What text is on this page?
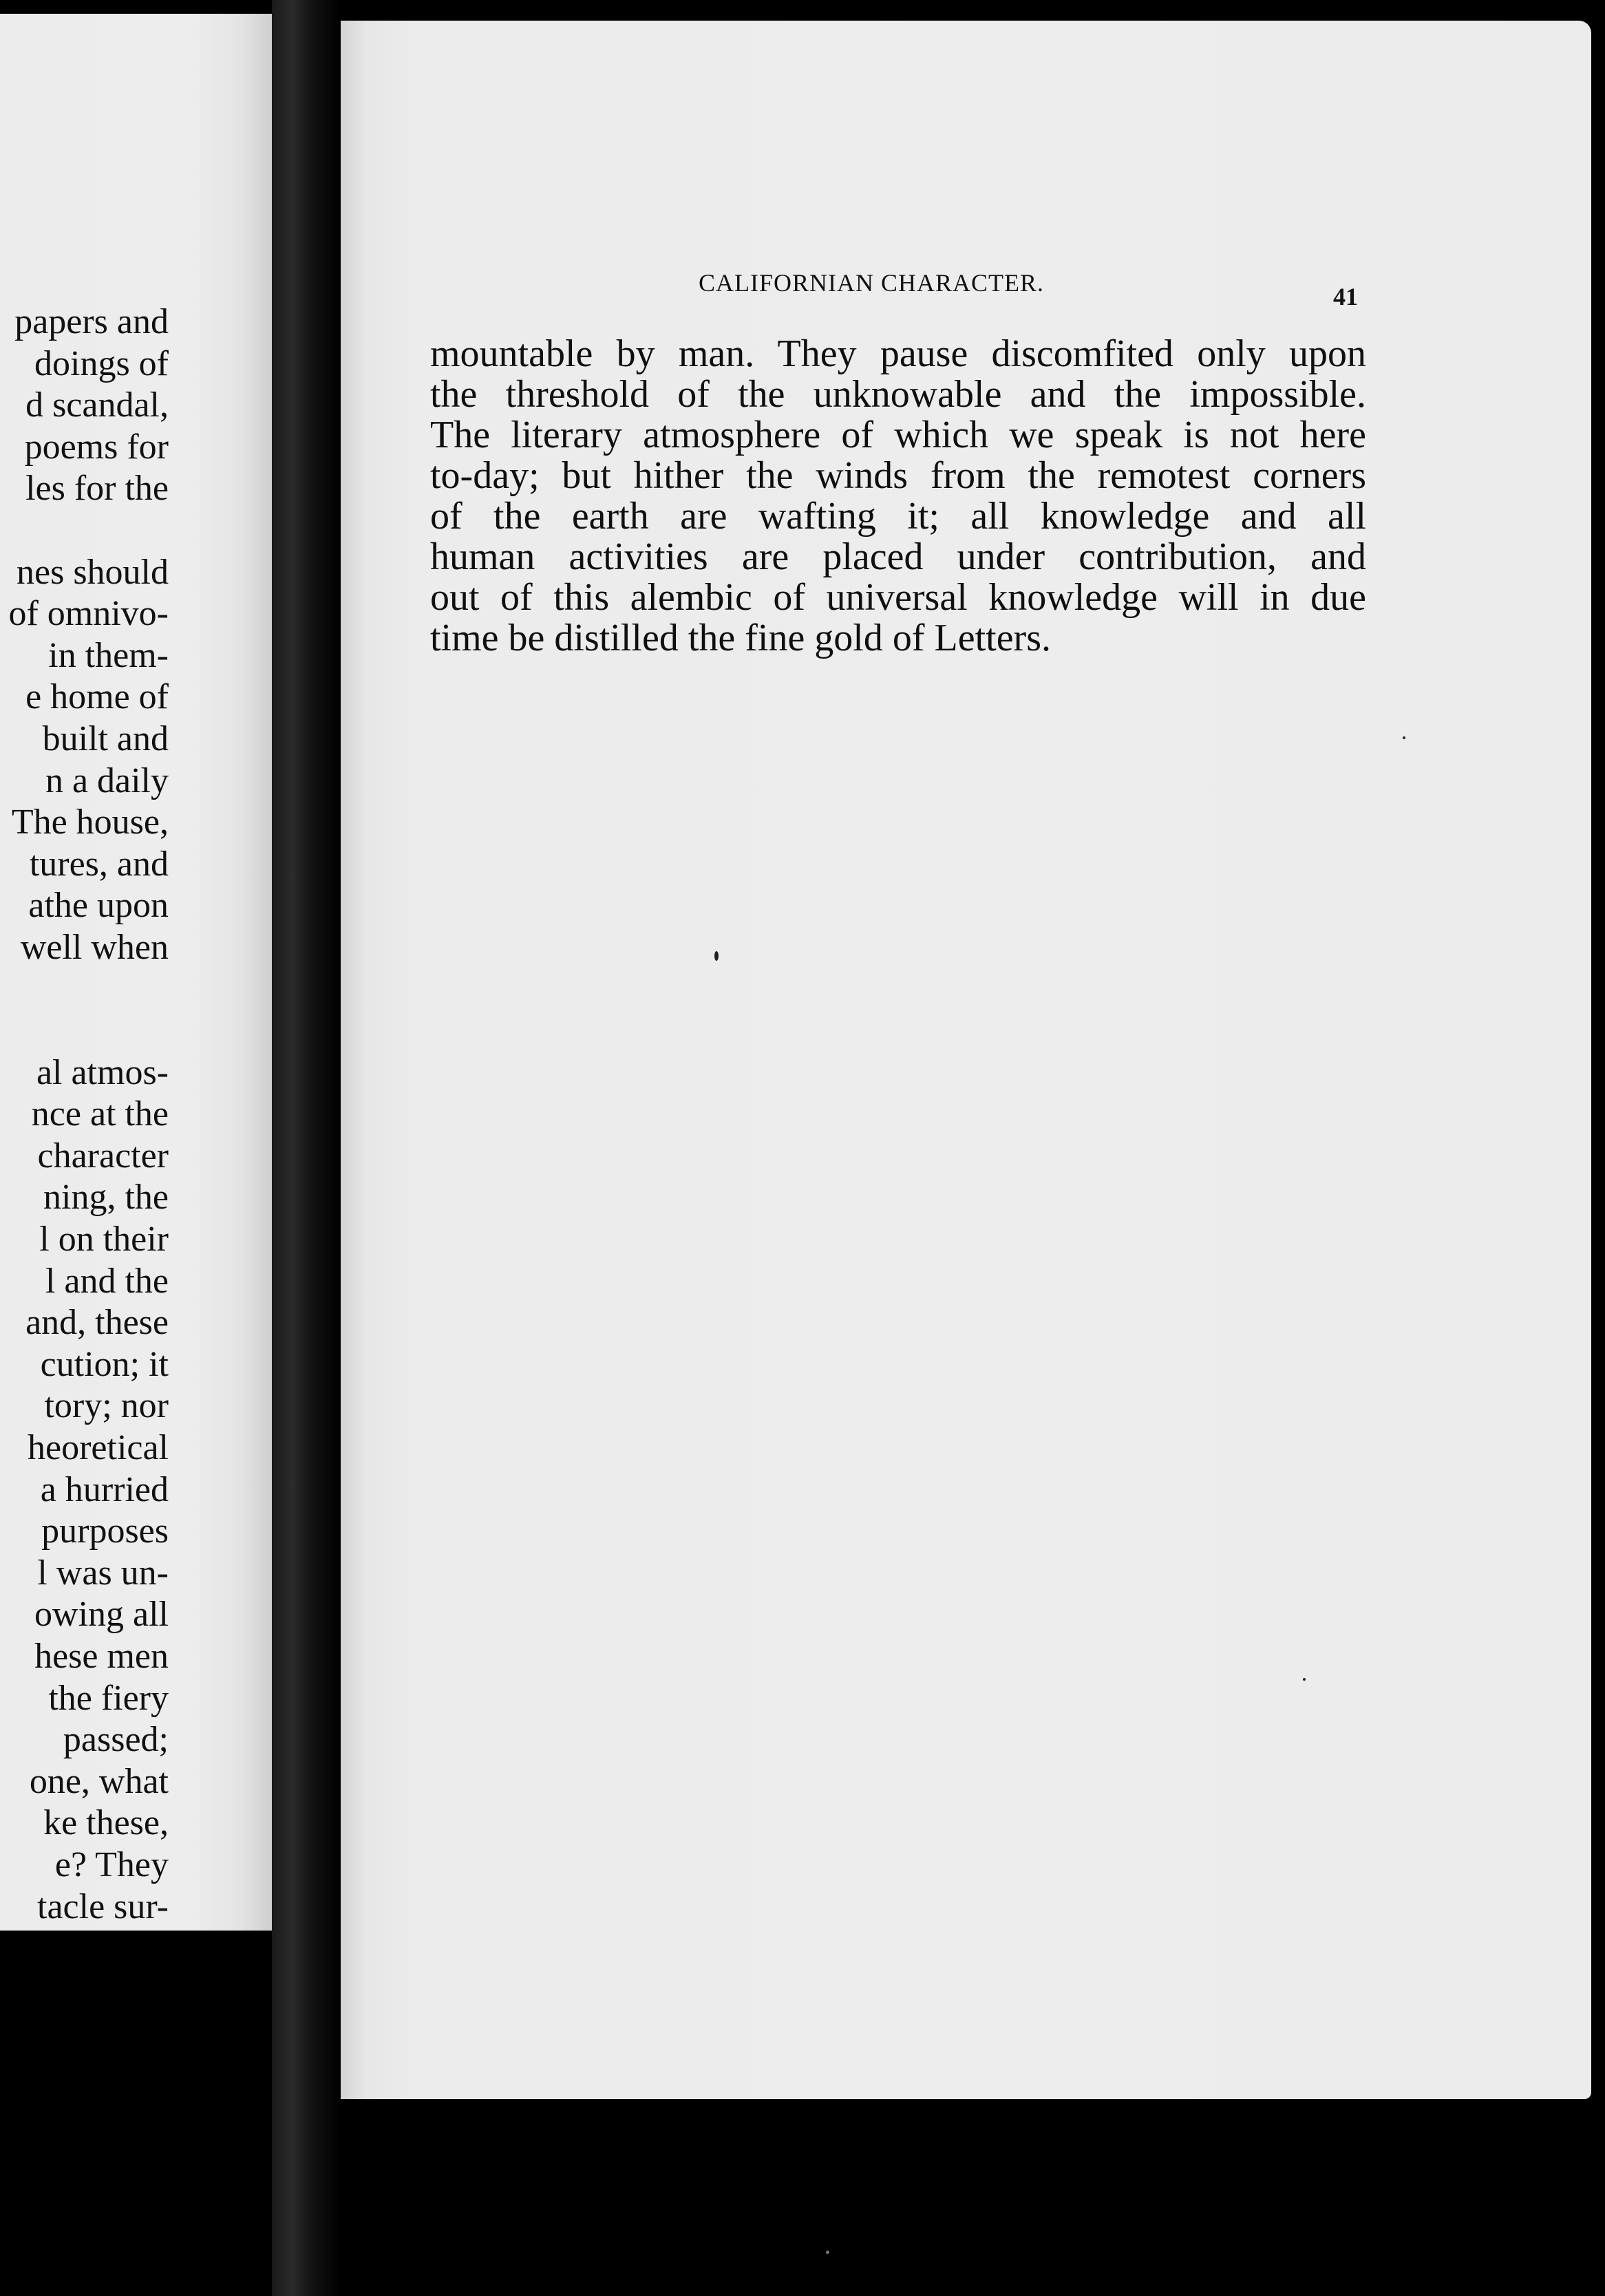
papers and
doings of
d scandal,
poems for
les for the
nes should
of omnivo-
in them-
e home of
built and
n a daily
The house,
tures, and
athe upon
well when
al atmos-
nce at the
character
ning, the
l on their
l and the
and, these
cution; it
tory; nor
heoretical
a hurried
purposes
l was un-
owing all
hese men
the fiery
passed;
one, what
ke these,
e? They
tacle sur-
CALIFORNIAN CHARACTER.	41
mountable by man. They pause discomfited only upon
the threshold of the unknowable and the impossible.
The literary atmosphere of which we speak is not here
to-day; but hither the winds from the remotest corners
of the earth are wafting it; all knowledge and all
human activities are placed under contribution, and
out of this alembic of universal knowledge will in due
time be distilled the fine gold of Letters.
